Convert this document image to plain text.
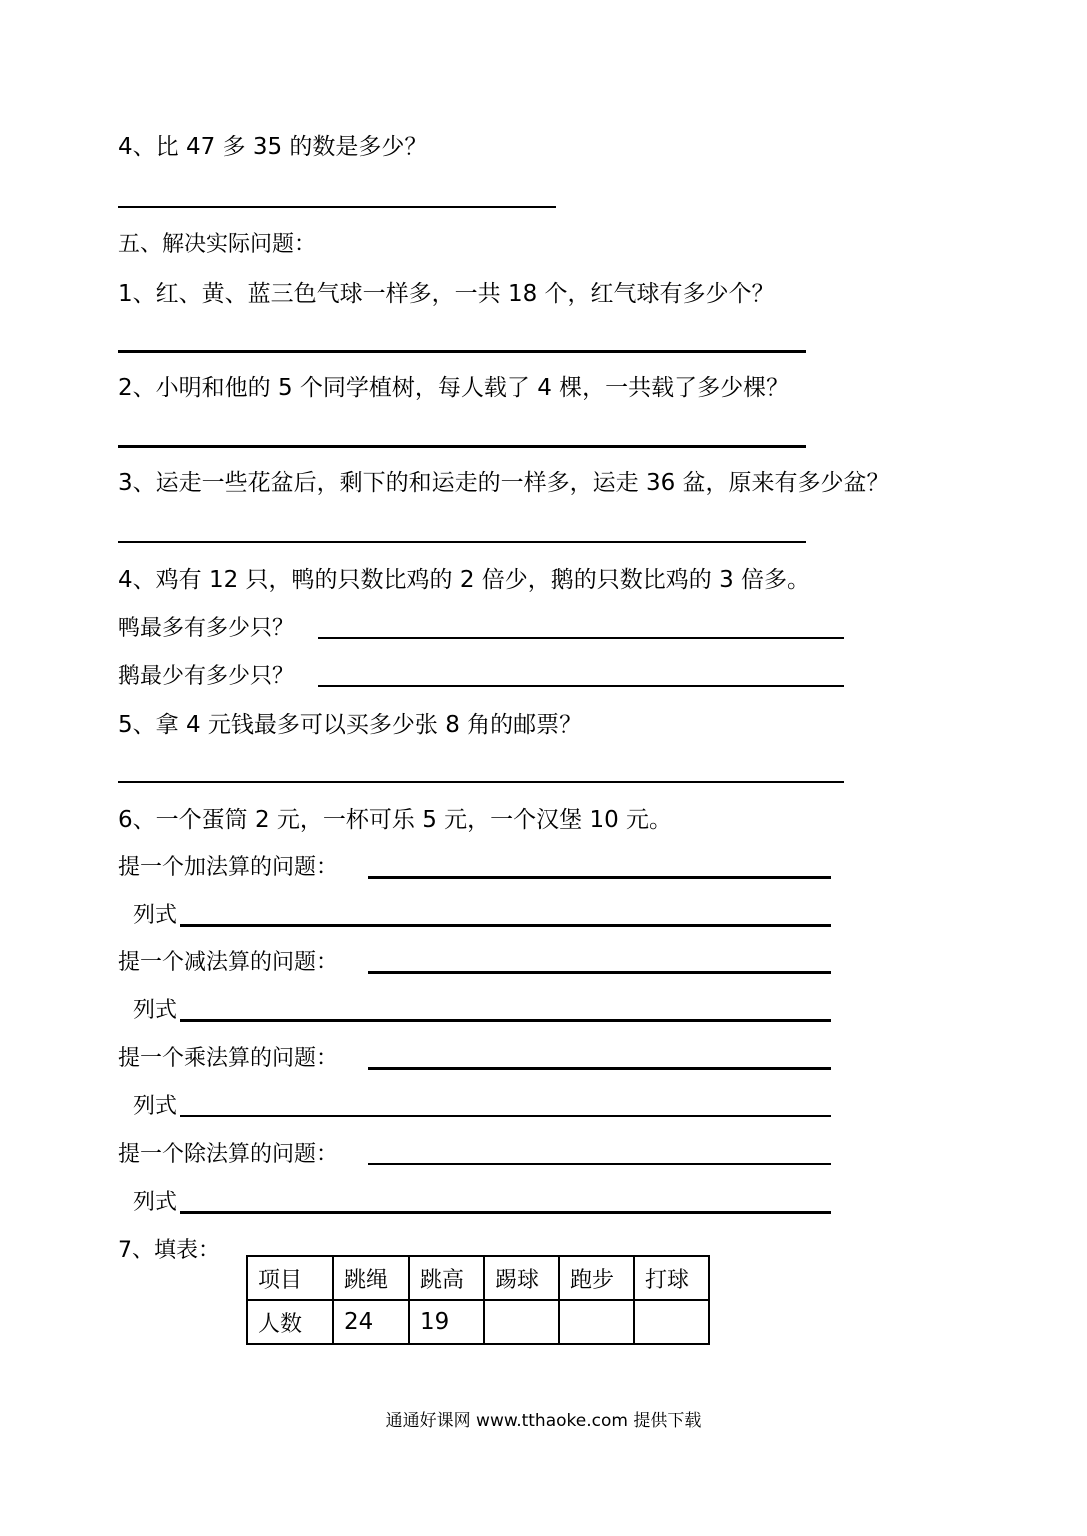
4、比 47 多 35 的数是多少？
五、解决实际问题：
1、红、黄、蓝三色气球一样多，一共 18 个，红气球有多少个？
2、小明和他的 5 个同学植树，每人载了 4 棵，一共载了多少棵？
3、运走一些花盆后，剩下的和运走的一样多，运走 36 盆，原来有多少盆？
4、鸡有 12 只，鸭的只数比鸡的 2 倍少，鹅的只数比鸡的 3 倍多。
鸭最多有多少只？
鹅最少有多少只？
5、拿 4 元钱最多可以买多少张 8 角的邮票？
6、一个蛋筒 2 元，一杯可乐 5 元，一个汉堡 10 元。
提一个加法算的问题：
列式
提一个减法算的问题：
列式
提一个乘法算的问题：
列式
提一个除法算的问题：
列式
7、填表：
项目	跳绳	跳高	踢球	跑步	打球
人数	24	19			
通通好课网 www.tthaoke.com 提供下载
